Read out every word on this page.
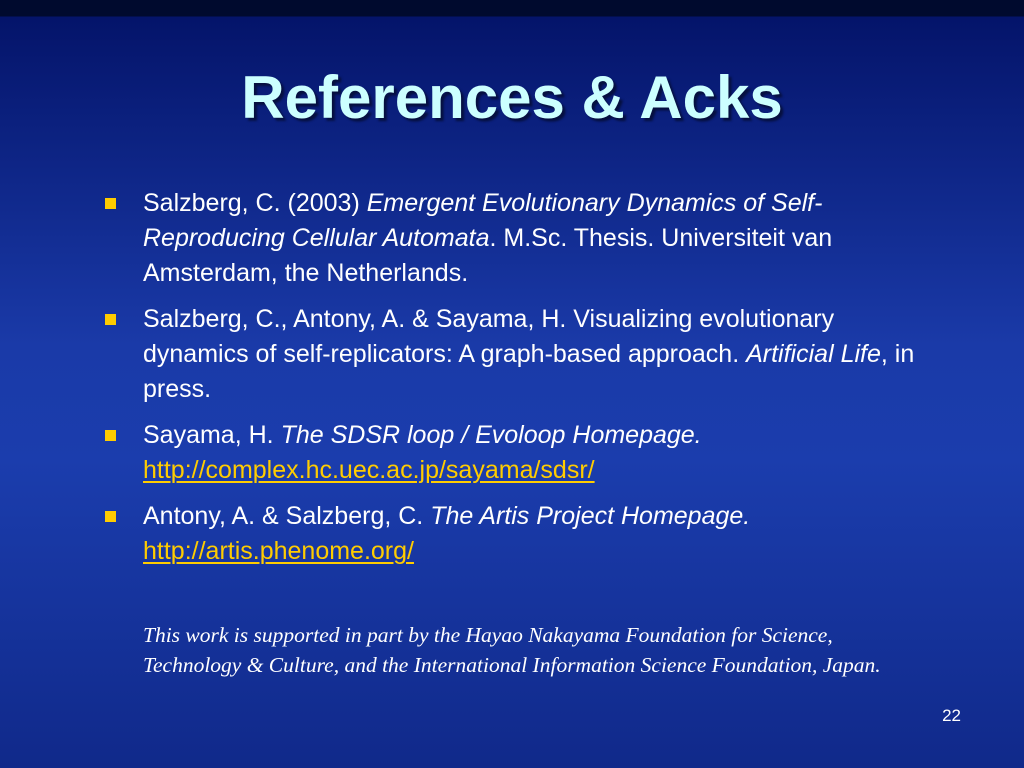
References & Acks
Salzberg, C. (2003) Emergent Evolutionary Dynamics of Self-Reproducing Cellular Automata. M.Sc. Thesis. Universiteit van Amsterdam, the Netherlands.
Salzberg, C., Antony, A. & Sayama, H. Visualizing evolutionary dynamics of self-replicators: A graph-based approach. Artificial Life, in press.
Sayama, H. The SDSR loop / Evoloop Homepage.
http://complex.hc.uec.ac.jp/sayama/sdsr/
Antony, A. & Salzberg, C. The Artis Project Homepage.
http://artis.phenome.org/

This work is supported in part by the Hayao Nakayama Foundation for Science, Technology & Culture, and the International Information Science Foundation, Japan.

22
